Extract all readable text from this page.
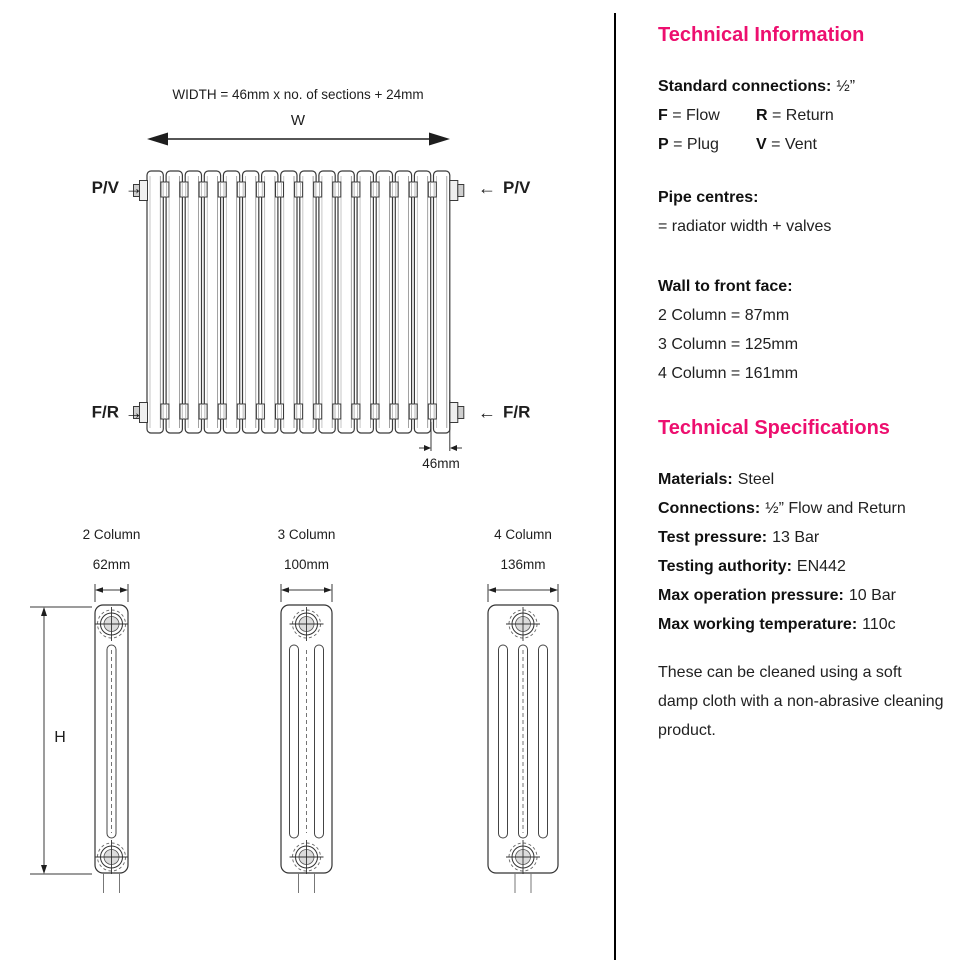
WIDTH = 46mm x no. of sections + 24mm
W
P/V →	← P/V
F/R →	← F/R
46mm
H
2 Column
62mm
3 Column
100mm
4 Column
136mm
Technical Information
Standard connections: ½”
F = Flow	R = Return
P = Plug	V = Vent
Pipe centres:
= radiator width + valves
Wall to front face:
2 Column = 87mm
3 Column = 125mm
4 Column = 161mm
Technical Specifications
Materials: Steel
Connections: ½” Flow and Return
Test pressure: 13 Bar
Testing authority: EN442
Max operation pressure: 10 Bar
Max working temperature: 110c

These can be cleaned using a soft damp cloth with a non-abrasive cleaning product.
